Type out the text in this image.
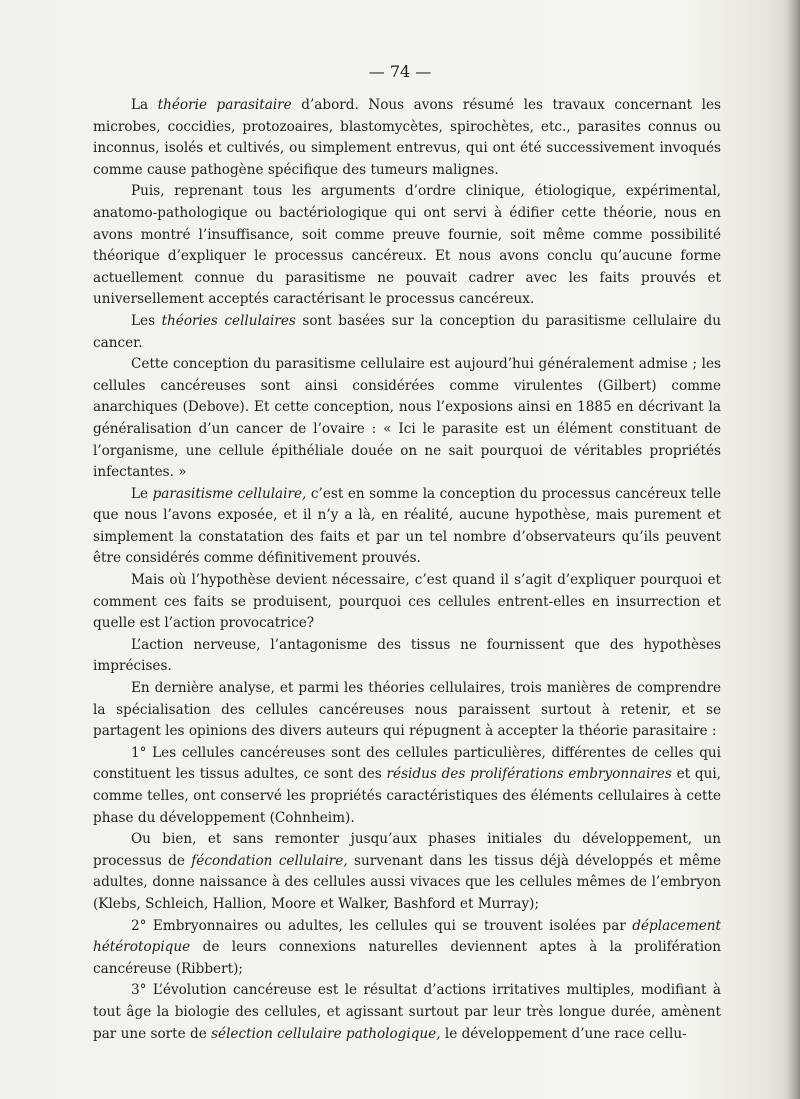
— 74 —

La théorie parasitaire d’abord. Nous avons résumé les travaux concernant les microbes, coccidies, protozoaires, blastomycètes, spirochètes, etc., parasites connus ou inconnus, isolés et cultivés, ou simplement entrevus, qui ont été successivement invoqués comme cause pathogène spécifique des tumeurs malignes.

Puis, reprenant tous les arguments d’ordre clinique, étiologique, expérimental, anatomo-pathologique ou bactériologique qui ont servi à édifier cette théorie, nous en avons montré l’insuffisance, soit comme preuve fournie, soit même comme possibilité théorique d’expliquer le processus cancéreux. Et nous avons conclu qu’aucune forme actuellement connue du parasitisme ne pouvait cadrer avec les faits prouvés et universellement acceptés caractérisant le processus cancéreux.

Les théories cellulaires sont basées sur la conception du parasitisme cellulaire du cancer.

Cette conception du parasitisme cellulaire est aujourd’hui généralement admise ; les cellules cancéreuses sont ainsi considérées comme virulentes (Gilbert) comme anarchiques (Debove). Et cette conception, nous l’exposions ainsi en 1885 en décrivant la généralisation d’un cancer de l’ovaire : « Ici le parasite est un élément constituant de l’organisme, une cellule épithéliale douée on ne sait pourquoi de véritables propriétés infectantes. »

Le parasitisme cellulaire, c’est en somme la conception du processus cancéreux telle que nous l’avons exposée, et il n’y a là, en réalité, aucune hypothèse, mais purement et simplement la constatation des faits et par un tel nombre d’observateurs qu’ils peuvent être considérés comme définitivement prouvés.

Mais où l’hypothèse devient nécessaire, c’est quand il s’agit d’expliquer pourquoi et comment ces faits se produisent, pourquoi ces cellules entrent-elles en insurrection et quelle est l’action provocatrice?

L’action nerveuse, l’antagonisme des tissus ne fournissent que des hypothèses imprécises.

En dernière analyse, et parmi les théories cellulaires, trois manières de comprendre la spécialisation des cellules cancéreuses nous paraissent surtout à retenir, et se partagent les opinions des divers auteurs qui répugnent à accepter la théorie parasitaire :

1° Les cellules cancéreuses sont des cellules particulières, différentes de celles qui constituent les tissus adultes, ce sont des résidus des proliférations embryonnaires et qui, comme telles, ont conservé les propriétés caractéristiques des éléments cellulaires à cette phase du développement (Cohnheim).

Ou bien, et sans remonter jusqu’aux phases initiales du développement, un processus de fécondation cellulaire, survenant dans les tissus déjà développés et même adultes, donne naissance à des cellules aussi vivaces que les cellules mêmes de l’embryon (Klebs, Schleich, Hallion, Moore et Walker, Bashford et Murray);

2° Embryonnaires ou adultes, les cellules qui se trouvent isolées par déplacement hétérotopique de leurs connexions naturelles deviennent aptes à la prolifération cancéreuse (Ribbert);

3° L’évolution cancéreuse est le résultat d’actions irritatives multiples, modifiant à tout âge la biologie des cellules, et agissant surtout par leur très longue durée, amènent par une sorte de sélection cellulaire pathologique, le développement d’une race cellu-
